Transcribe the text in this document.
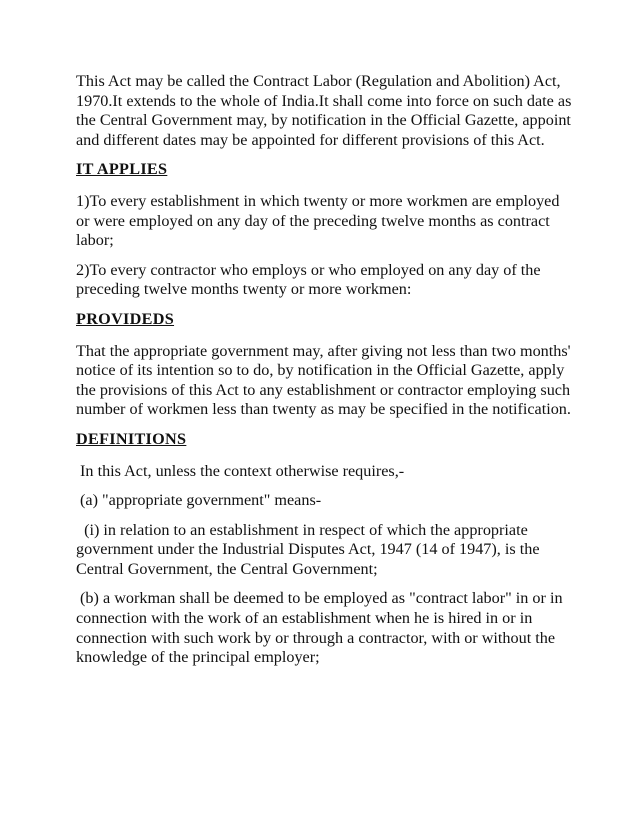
This Act may be called the Contract Labor (Regulation and Abolition) Act, 1970.It extends to the whole of India.It shall come into force on such date as the Central Government may, by notification in the Official Gazette, appoint and different dates may be appointed for different provisions of this Act.

IT APPLIES

1)To every establishment in which twenty or more workmen are employed or were employed on any day of the preceding twelve months as contract labor;

2)To every contractor who employs or who employed on any day of the preceding twelve months twenty or more workmen:

PROVIDEDS

That the appropriate government may, after giving not less than two months' notice of its intention so to do, by notification in the Official Gazette, apply the provisions of this Act to any establishment or contractor employing such number of workmen less than twenty as may be specified in the notification.

DEFINITIONS

In this Act, unless the context otherwise requires,-

(a) "appropriate government" means-

(i) in relation to an establishment in respect of which the appropriate government under the Industrial Disputes Act, 1947 (14 of 1947), is the Central Government, the Central Government;

(b) a workman shall be deemed to be employed as "contract labor" in or in connection with the work of an establishment when he is hired in or in connection with such work by or through a contractor, with or without the knowledge of the principal employer;
